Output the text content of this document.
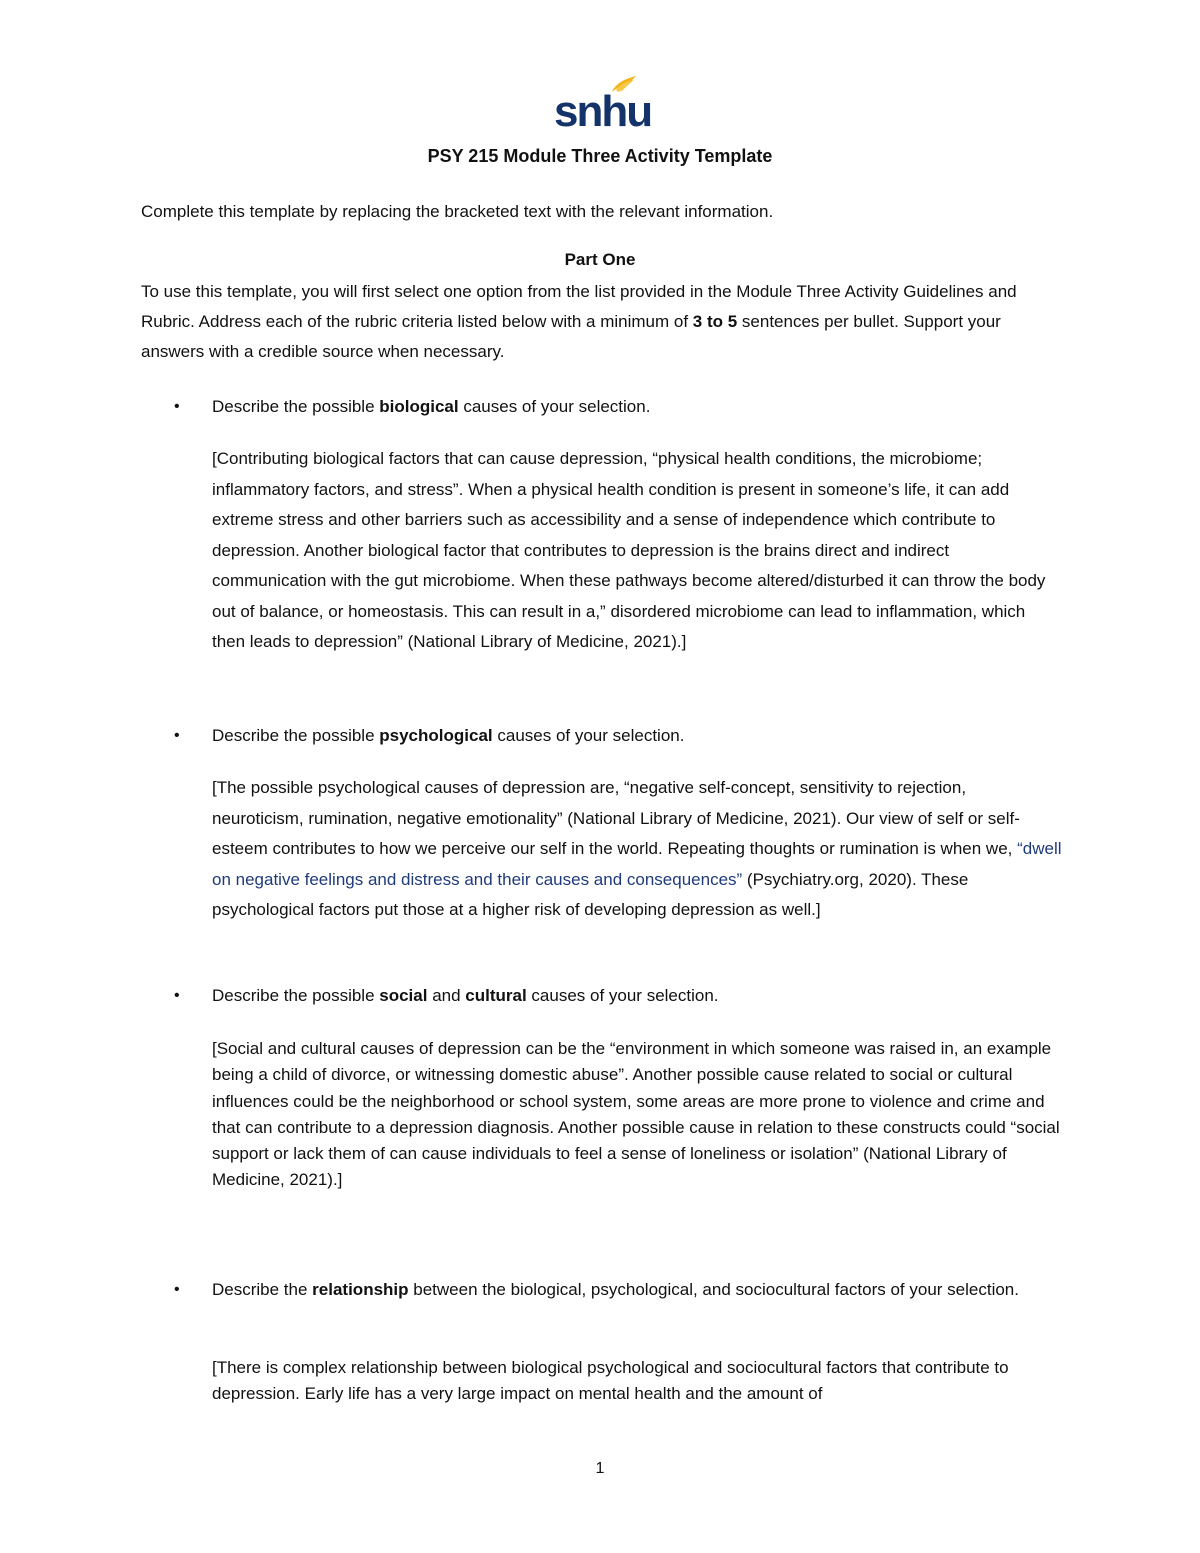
snhu
PSY 215 Module Three Activity Template

Complete this template by replacing the bracketed text with the relevant information.

Part One

To use this template, you will first select one option from the list provided in the Module Three Activity Guidelines and Rubric. Address each of the rubric criteria listed below with a minimum of 3 to 5 sentences per bullet. Support your answers with a credible source when necessary.

• Describe the possible biological causes of your selection.

[Contributing biological factors that can cause depression, “physical health conditions, the microbiome; inflammatory factors, and stress”. When a physical health condition is present in someone’s life, it can add extreme stress and other barriers such as accessibility and a sense of independence which contribute to depression. Another biological factor that contributes to depression is the brains direct and indirect communication with the gut microbiome. When these pathways become altered/disturbed it can throw the body out of balance, or homeostasis. This can result in a,” disordered microbiome can lead to inflammation, which then leads to depression” (National Library of Medicine, 2021).]

• Describe the possible psychological causes of your selection.

[The possible psychological causes of depression are, “negative self-concept, sensitivity to rejection, neuroticism, rumination, negative emotionality” (National Library of Medicine, 2021). Our view of self or self-esteem contributes to how we perceive our self in the world. Repeating thoughts or rumination is when we, “dwell on negative feelings and distress and their causes and consequences” (Psychiatry.org, 2020). These psychological factors put those at a higher risk of developing depression as well.]

• Describe the possible social and cultural causes of your selection.

[Social and cultural causes of depression can be the “environment in which someone was raised in, an example being a child of divorce, or witnessing domestic abuse”. Another possible cause related to social or cultural influences could be the neighborhood or school system, some areas are more prone to violence and crime and that can contribute to a depression diagnosis. Another possible cause in relation to these constructs could “social support or lack them of can cause individuals to feel a sense of loneliness or isolation” (National Library of Medicine, 2021).]

• Describe the relationship between the biological, psychological, and sociocultural factors of your selection.

[There is complex relationship between biological psychological and sociocultural factors that contribute to depression. Early life has a very large impact on mental health and the amount of

1
